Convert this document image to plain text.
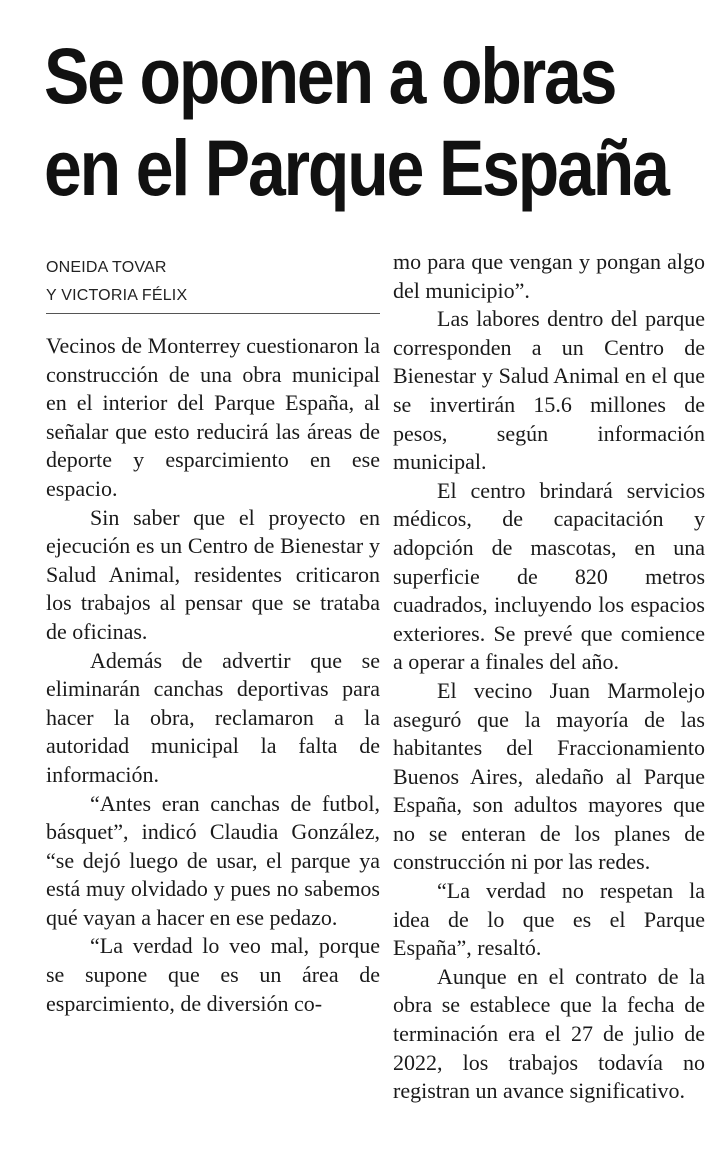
Se oponen a obras
en el Parque España
ONEIDA TOVAR
Y VICTORIA FÉLIX

Vecinos de Monterrey cuestionaron la construcción de una obra municipal en el interior del Parque España, al señalar que esto reducirá las áreas de deporte y esparcimiento en ese espacio.

Sin saber que el proyecto en ejecución es un Centro de Bienestar y Salud Animal, residentes criticaron los trabajos al pensar que se trataba de oficinas.

Además de advertir que se eliminarán canchas deportivas para hacer la obra, reclamaron a la autoridad municipal la falta de información.

“Antes eran canchas de futbol, básquet”, indicó Claudia González, “se dejó luego de usar, el parque ya está muy olvidado y pues no sabemos qué vayan a hacer en ese pedazo.

“La verdad lo veo mal, porque se supone que es un área de esparcimiento, de diversión co-

mo para que vengan y pongan algo del municipio”.

Las labores dentro del parque corresponden a un Centro de Bienestar y Salud Animal en el que se invertirán 15.6 millones de pesos, según información municipal.

El centro brindará servicios médicos, de capacitación y adopción de mascotas, en una superficie de 820 metros cuadrados, incluyendo los espacios exteriores. Se prevé que comience a operar a finales del año.

El vecino Juan Marmolejo aseguró que la mayoría de las habitantes del Fraccionamiento Buenos Aires, aledaño al Parque España, son adultos mayores que no se enteran de los planes de construcción ni por las redes.

“La verdad no respetan la idea de lo que es el Parque España”, resaltó.

Aunque en el contrato de la obra se establece que la fecha de terminación era el 27 de julio de 2022, los trabajos todavía no registran un avance significativo.
